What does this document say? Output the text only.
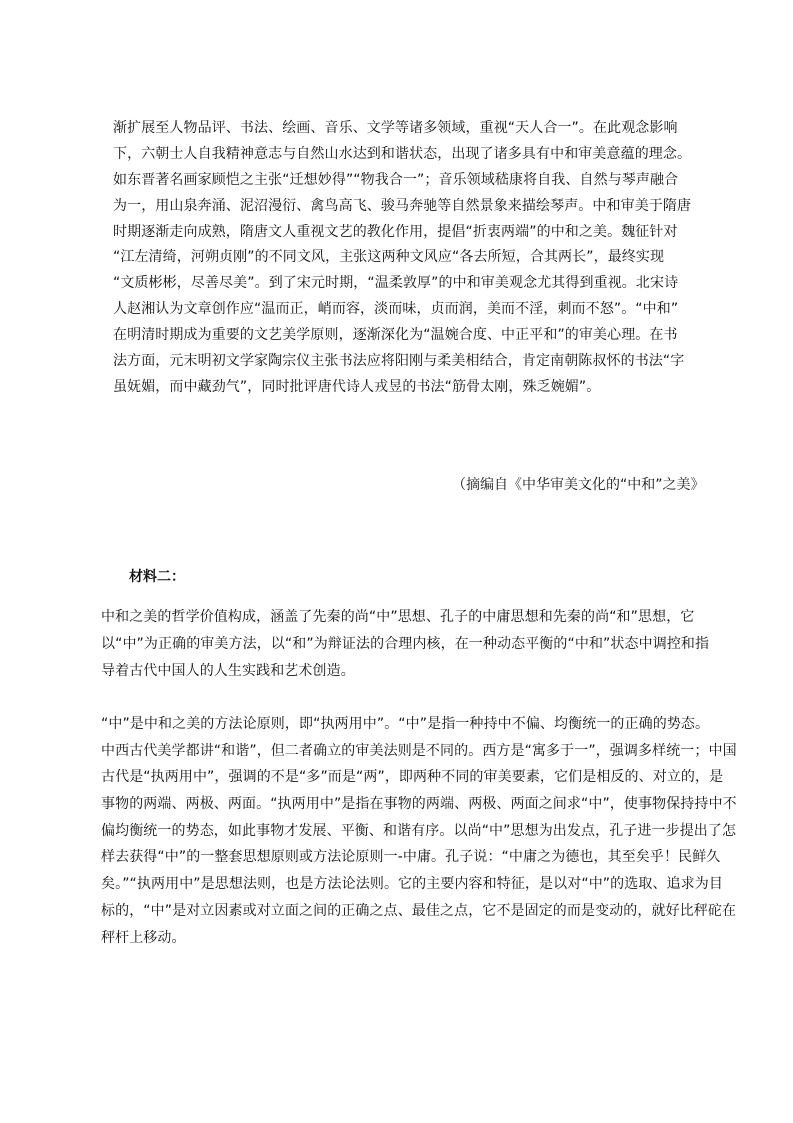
渐扩展至人物品评、书法、绘画、音乐、文学等诸多领域，重视“天人合一”。在此观念影响
下，六朝士人自我精神意志与自然山水达到和谐状态，出现了诸多具有中和审美意蕴的理念。
如东晋著名画家顾恺之主张“迁想妙得”“物我合一”；音乐领域嵇康将自我、自然与琴声融合
为一，用山泉奔涌、泥沼漫衍、禽鸟高飞、骏马奔驰等自然景象来描绘琴声。中和审美于隋唐
时期逐渐走向成熟，隋唐文人重视文艺的教化作用，提倡“折衷两端”的中和之美。魏征针对
“江左清绮，河朔贞刚”的不同文风，主张这两种文风应“各去所短，合其两长”，最终实现
“文质彬彬，尽善尽美”。到了宋元时期，“温柔敦厚”的中和审美观念尤其得到重视。北宋诗
人赵湘认为文章创作应“温而正，峭而容，淡而味，贞而润，美而不淫，刺而不怒”。“中和”
在明清时期成为重要的文艺美学原则，逐渐深化为“温婉合度、中正平和”的审美心理。在书
法方面，元末明初文学家陶宗仪主张书法应将阳刚与柔美相结合，肯定南朝陈叔怀的书法“字
虽妩媚，而中藏劲气”，同时批评唐代诗人戎昱的书法“筋骨太刚，殊乏婉媚”。
（摘编自《中华审美文化的“中和”之美》
材料二：
中和之美的哲学价值构成，涵盖了先秦的尚“中”思想、孔子的中庸思想和先秦的尚“和”思想，它
以“中”为正确的审美方法，以“和”为辩证法的合理内核，在一种动态平衡的“中和”状态中调控和指
导着古代中国人的人生实践和艺术创造。
“中”是中和之美的方法论原则，即“执两用中”。“中”是指一种持中不偏、均衡统一的正确的势态。
中西古代美学都讲“和谐”，但二者确立的审美法则是不同的。西方是“寓多于一”，强调多样统一；中国
古代是“执两用中”，强调的不是“多”而是“两”，即两种不同的审美要素，它们是相反的、对立的，是
事物的两端、两极、两面。“执两用中”是指在事物的两端、两极、两面之间求“中”，使事物保持持中不
偏均衡统一的势态，如此事物才发展、平衡、和谐有序。以尚“中”思想为出发点，孔子进一步提出了怎
样去获得“中”的一整套思想原则或方法论原则一-中庸。孔子说：“中庸之为德也，其至矣乎！民鲜久
矣。”“执两用中”是思想法则，也是方法论法则。它的主要内容和特征，是以对“中”的选取、追求为目
标的，“中”是对立因素或对立面之间的正确之点、最佳之点，它不是固定的而是变动的，就好比秤砣在
秤杆上移动。
